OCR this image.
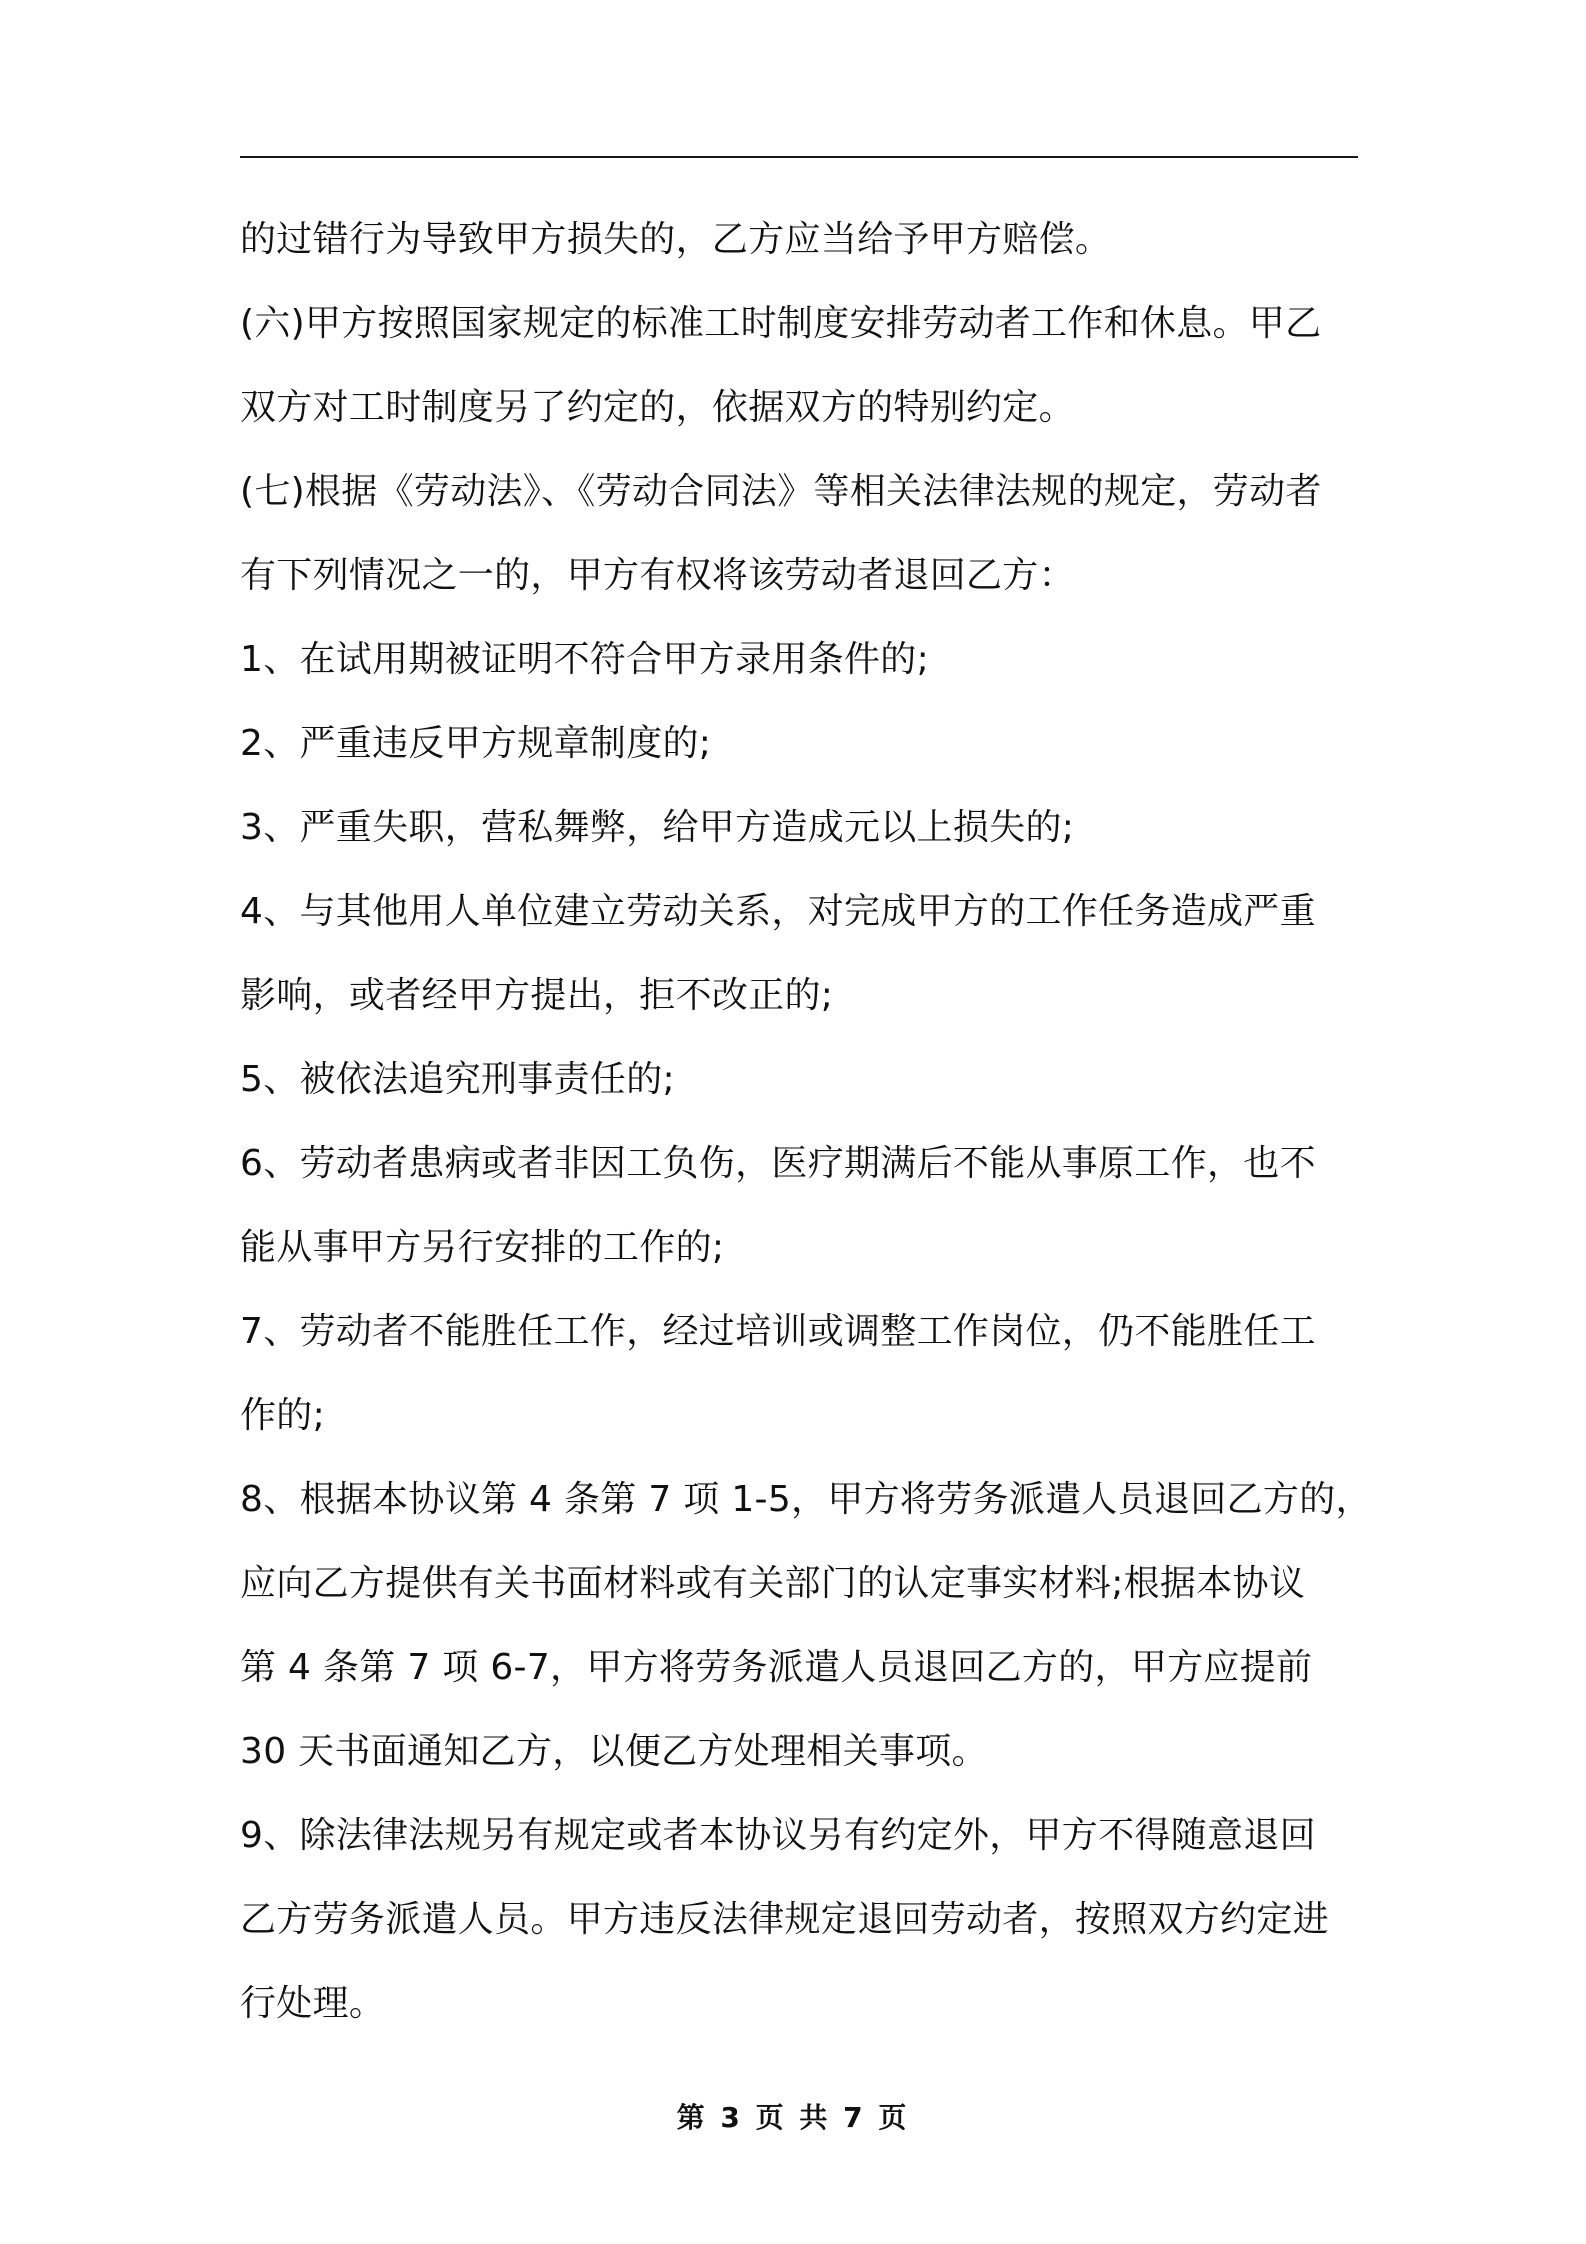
的过错行为导致甲方损失的，乙方应当给予甲方赔偿。
(六)甲方按照国家规定的标准工时制度安排劳动者工作和休息。甲乙
双方对工时制度另了约定的，依据双方的特别约定。
(七)根据《劳动法》、《劳动合同法》等相关法律法规的规定，劳动者
有下列情况之一的，甲方有权将该劳动者退回乙方：
1、在试用期被证明不符合甲方录用条件的;
2、严重违反甲方规章制度的;
3、严重失职，营私舞弊，给甲方造成元以上损失的;
4、与其他用人单位建立劳动关系，对完成甲方的工作任务造成严重
影响，或者经甲方提出，拒不改正的;
5、被依法追究刑事责任的;
6、劳动者患病或者非因工负伤，医疗期满后不能从事原工作，也不
能从事甲方另行安排的工作的;
7、劳动者不能胜任工作，经过培训或调整工作岗位，仍不能胜任工
作的;
8、根据本协议第 4 条第 7 项 1-5，甲方将劳务派遣人员退回乙方的，
应向乙方提供有关书面材料或有关部门的认定事实材料;根据本协议
第 4 条第 7 项 6-7，甲方将劳务派遣人员退回乙方的，甲方应提前
30 天书面通知乙方，以便乙方处理相关事项。
9、除法律法规另有规定或者本协议另有约定外，甲方不得随意退回
乙方劳务派遣人员。甲方违反法律规定退回劳动者，按照双方约定进
行处理。
第 3 页 共 7 页
